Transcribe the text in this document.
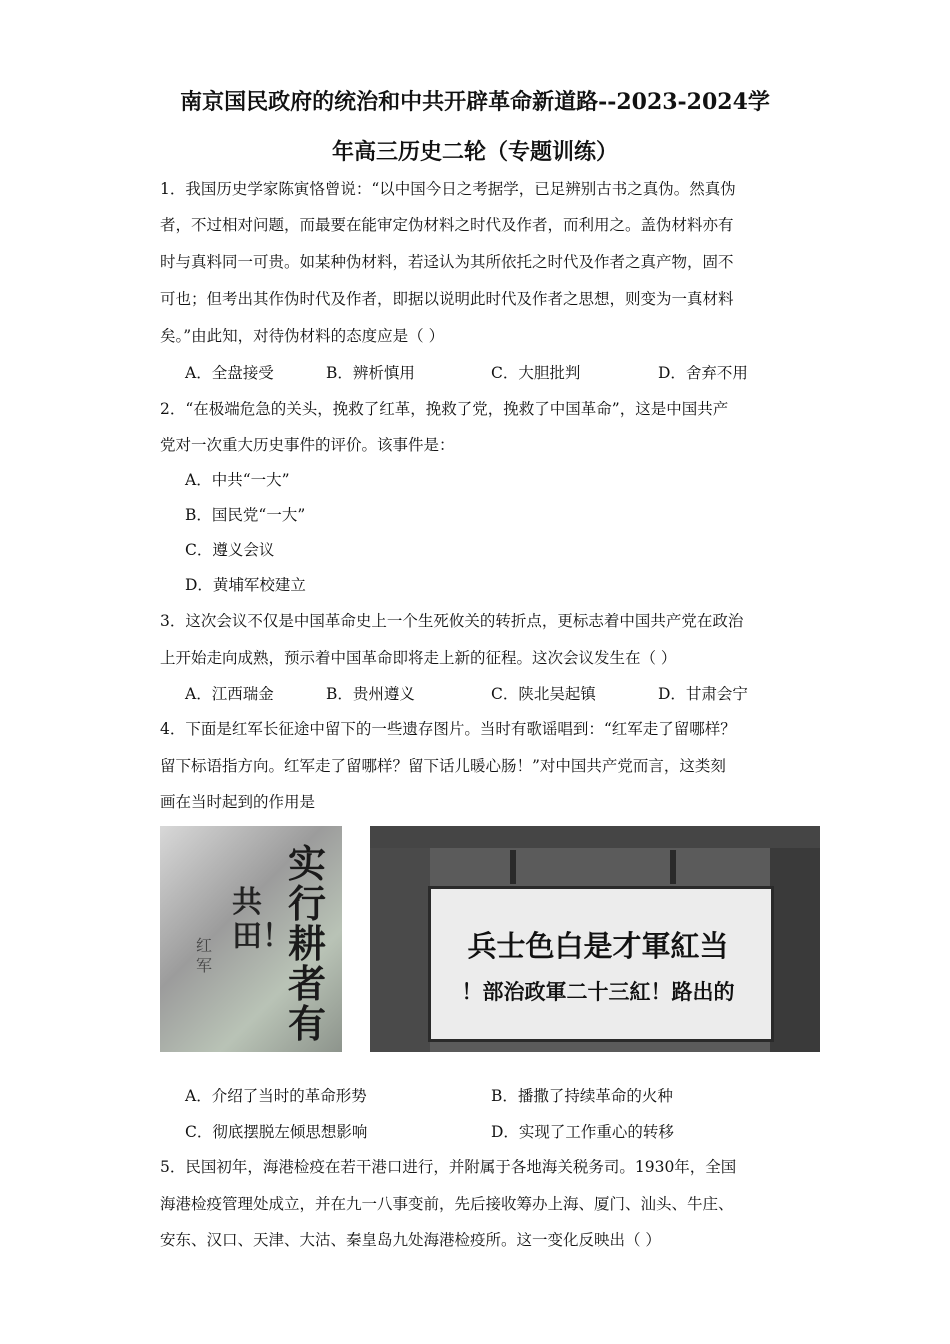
南京国民政府的统治和中共开辟革命新道路--2023-2024学
年高三历史二轮（专题训练）
1．我国历史学家陈寅恪曾说：“以中国今日之考据学，已足辨别古书之真伪。然真伪
者，不过相对问题，而最要在能审定伪材料之时代及作者，而利用之。盖伪材料亦有
时与真料同一可贵。如某种伪材料，若迳认为其所依托之时代及作者之真产物，固不
可也；但考出其作伪时代及作者，即据以说明此时代及作者之思想，则变为一真材料
矣。”由此知，对待伪材料的态度应是（ ）
A．全盘接受	B．辨析慎用	C．大胆批判	D．舍弃不用
2．“在极端危急的关头，挽救了红革，挽救了党，挽救了中国革命”，这是中国共产
党对一次重大历史事件的评价。该事件是：
A．中共“一大”
B．国民党“一大”
C．遵义会议
D．黄埔军校建立
3．这次会议不仅是中国革命史上一个生死攸关的转折点，更标志着中国共产党在政治
上开始走向成熟，预示着中国革命即将走上新的征程。这次会议发生在（ ）
A．江西瑞金	B．贵州遵义	C．陕北吴起镇	D．甘肃会宁
4．下面是红军长征途中留下的一些遗存图片。当时有歌谣唱到：“红军走了留哪样？
留下标语指方向。红军走了留哪样？留下话儿暖心肠！”对中国共产党而言，这类刻
画在当时起到的作用是
实行耕者有
共田！
红军
当紅軍才是白色士兵
的出路！紅三十二軍政治部！
A．介绍了当时的革命形势	B．播撒了持续革命的火种
C．彻底摆脱左倾思想影响	D．实现了工作重心的转移
5．民国初年，海港检疫在若干港口进行，并附属于各地海关税务司。1930年，全国
海港检疫管理处成立，并在九一八事变前，先后接收筹办上海、厦门、汕头、牛庄、
安东、汉口、天津、大沽、秦皇岛九处海港检疫所。这一变化反映出（ ）
